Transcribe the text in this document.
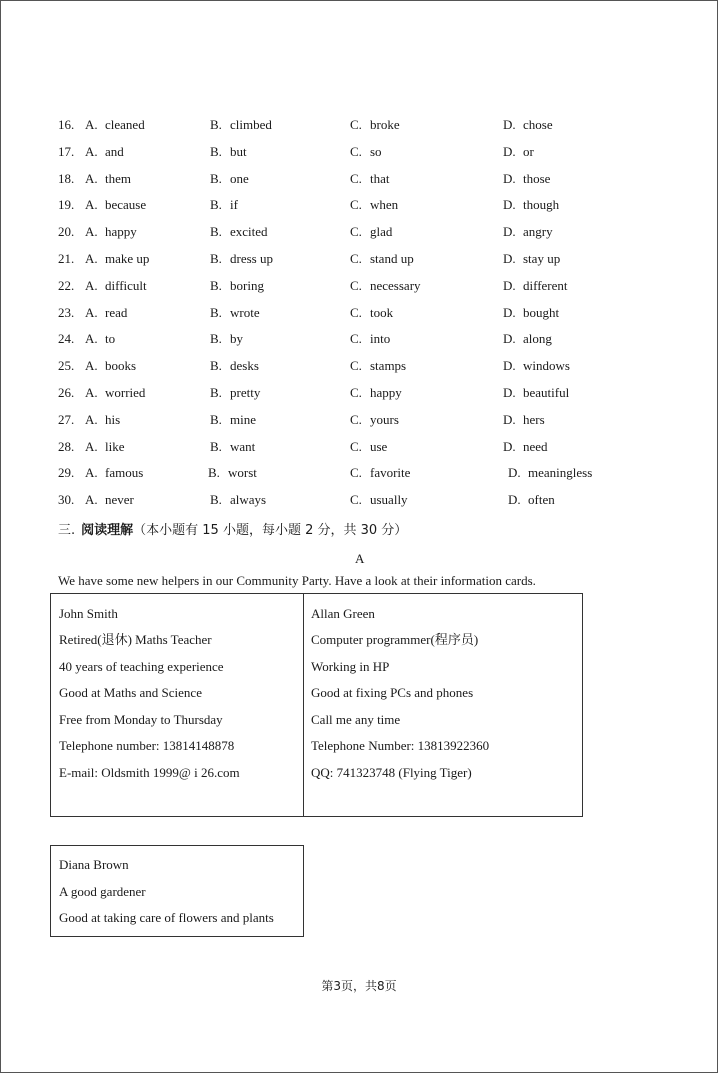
16. A. cleaned	B. climbed	C. broke	D. chose
17. A. and	B. but	C. so	D. or
18. A. them	B. one	C. that	D. those
19. A. because	B. if	C. when	D. though
20. A. happy	B. excited	C. glad	D. angry
21. A. make up	B. dress up	C. stand up	D. stay up
22. A. difficult	B. boring	C. necessary	D. different
23. A. read	B. wrote	C. took	D. bought
24. A. to	B. by	C. into	D. along
25. A. books	B. desks	C. stamps	D. windows
26. A. worried	B. pretty	C. happy	D. beautiful
27. A. his	B. mine	C. yours	D. hers
28. A. like	B. want	C. use	D. need
29. A. famous	B. worst	C. favorite	D. meaningless
30. A. never	B. always	C. usually	D. often
三. 阅读理解（本小题有 15 小题，每小题 2 分，共 30 分）
A
We have some new helpers in our Community Party. Have a look at their information cards.
John Smith
Retired(退休) Maths Teacher
40 years of teaching experience
Good at Maths and Science
Free from Monday to Thursday
Telephone number: 13814148878
E-mail: Oldsmith 1999@ i 26.com
Allan Green
Computer programmer(程序员)
Working in HP
Good at fixing PCs and phones
Call me any time
Telephone Number: 13813922360
QQ: 741323748 (Flying Tiger)
Diana Brown
A good gardener
Good at taking care of flowers and plants
第3页，共8页
